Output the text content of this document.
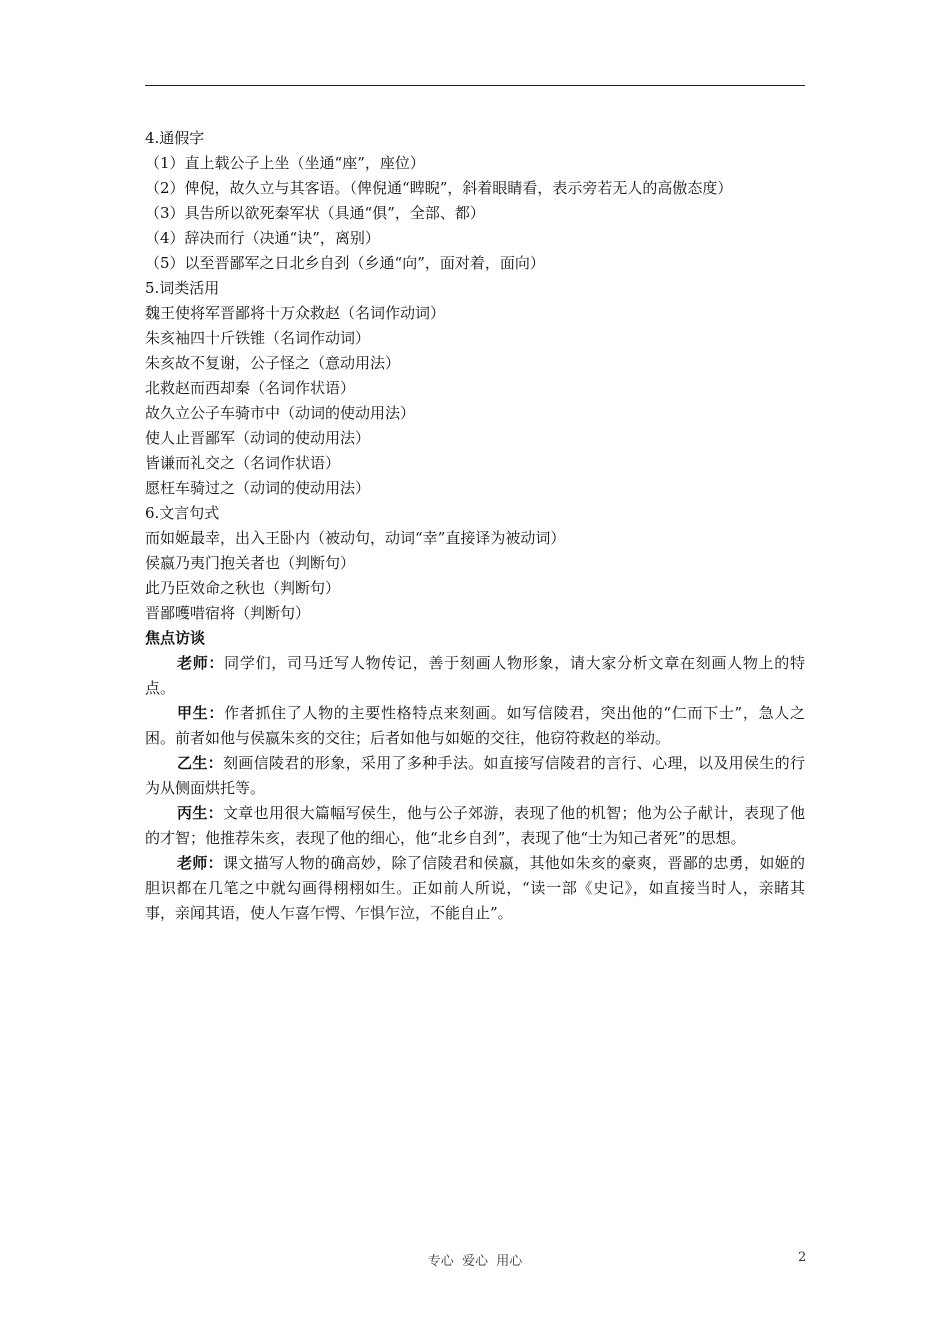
4.通假字
（1）直上载公子上坐（坐通“座”，座位）
（2）俾倪，故久立与其客语。（俾倪通“睥睨”，斜着眼睛看，表示旁若无人的高傲态度）
（3）具告所以欲死秦军状（具通“俱”，全部、都）
（4）辞决而行（决通“诀”，离别）
（5）以至晋鄙军之日北乡自刭（乡通“向”，面对着，面向）
5.词类活用
魏王使将军晋鄙将十万众救赵（名词作动词）
朱亥袖四十斤铁锥（名词作动词）
朱亥故不复谢，公子怪之（意动用法）
北救赵而西却秦（名词作状语）
故久立公子车骑市中（动词的使动用法）
使人止晋鄙军（动词的使动用法）
皆谦而礼交之（名词作状语）
愿枉车骑过之（动词的使动用法）
6.文言句式
而如姬最幸，出入王卧内（被动句，动词“幸”直接译为被动词）
侯嬴乃夷门抱关者也（判断句）
此乃臣效命之秋也（判断句）
晋鄙嚄唶宿将（判断句）
焦点访谈

老师：同学们，司马迁写人物传记，善于刻画人物形象，请大家分析文章在刻画人物上的特点。

甲生：作者抓住了人物的主要性格特点来刻画。如写信陵君，突出他的“仁而下士”，急人之困。前者如他与侯嬴朱亥的交往；后者如他与如姬的交往，他窃符救赵的举动。

乙生：刻画信陵君的形象，采用了多种手法。如直接写信陵君的言行、心理，以及用侯生的行为从侧面烘托等。

丙生：文章也用很大篇幅写侯生，他与公子郊游，表现了他的机智；他为公子献计，表现了他的才智；他推荐朱亥，表现了他的细心，他“北乡自刭”，表现了他“士为知己者死”的思想。

老师：课文描写人物的确高妙，除了信陵君和侯嬴，其他如朱亥的豪爽，晋鄙的忠勇，如姬的胆识都在几笔之中就勾画得栩栩如生。正如前人所说，“读一部《史记》，如直接当时人，亲睹其事，亲闻其语，使人乍喜乍愕、乍惧乍泣，不能自止”。

专心  爱心  用心	2
